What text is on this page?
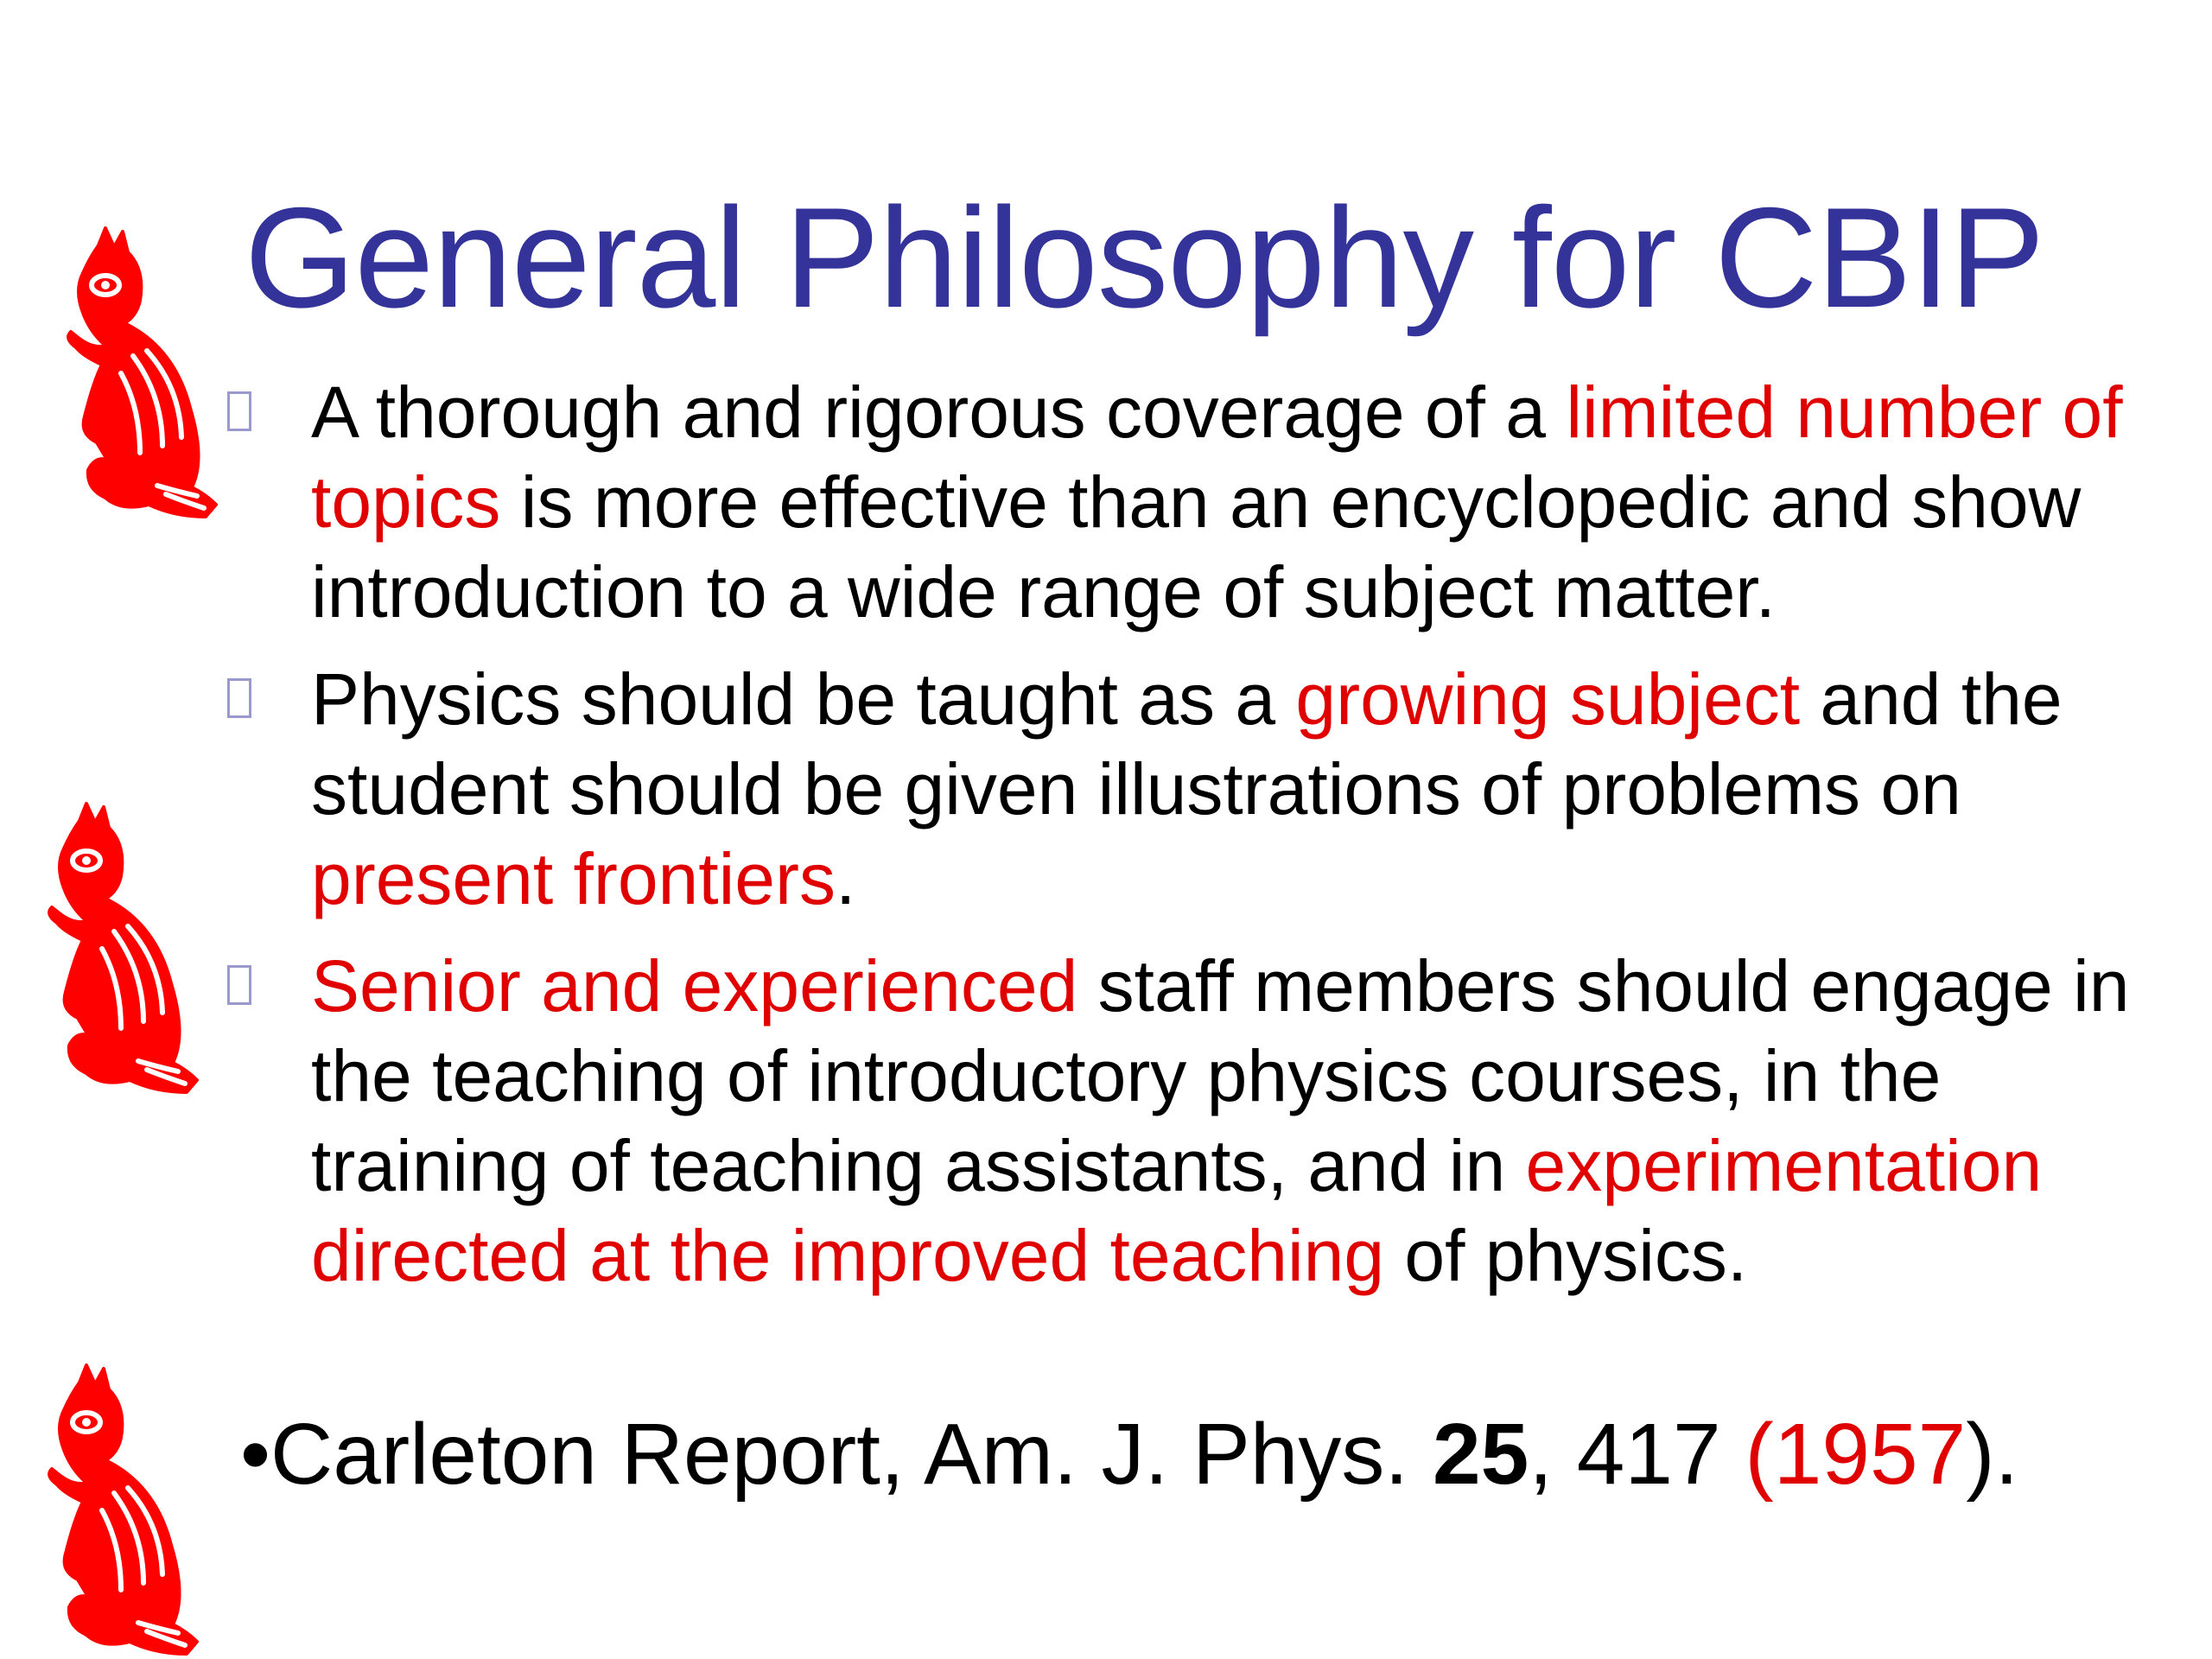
General Philosophy for CBIP
A thorough and rigorous coverage of a limited number of topics is more effective than an encyclopedic and show introduction to a wide range of subject matter.
Physics should be taught as a growing subject and the student should be given illustrations of problems on present frontiers.
Senior and experienced staff members should engage in the teaching of introductory physics courses, in the training of teaching assistants, and in experimentation directed at the improved teaching of physics.

•Carleton Report, Am. J. Phys. 25, 417 (1957).
